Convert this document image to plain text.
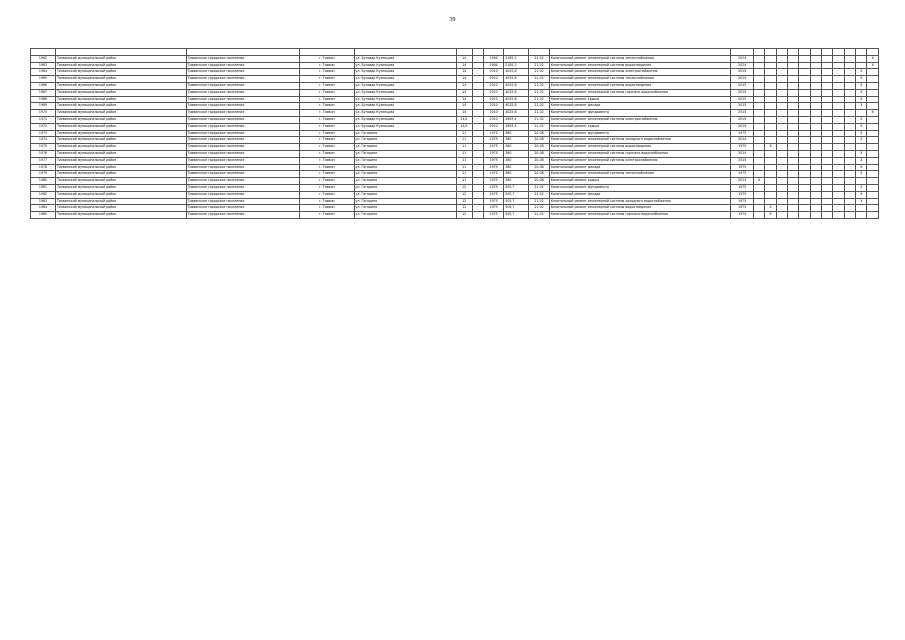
39

1962	Тихвинский муниципальный район	Тихвинское городское поселение	г. Тихвин	ул. Бульвар Кузнецова	14		1994	2185,2	21-02	Капитальный ремонт инженерной системы теплоснабжения	2024											Х
1963	Тихвинский муниципальный район	Тихвинское городское поселение	г. Тихвин	ул. Бульвар Кузнецова	14		1994	2185,2	21-02	Капитальный ремонт инженерной системы водоотведения	2024											Х
1964	Тихвинский муниципальный район	Тихвинское городское поселение	г. Тихвин	ул. Бульвар Кузнецова	14		2010	4025,8	21-02	Капитальный ремонт инженерной системы электроснабжения	2015										Х	
1965	Тихвинский муниципальный район	Тихвинское городское поселение	г. Тихвин	ул. Бульвар Кузнецова	14		2010	4025,8	21-02	Капитальный ремонт инженерной системы теплоснабжения	2015										Х	
1966	Тихвинский муниципальный район	Тихвинское городское поселение	г. Тихвин	ул. Бульвар Кузнецова	14		2010	4025,8	21-02	Капитальный ремонт инженерной системы водоотведения	2015										Х	
1967	Тихвинский муниципальный район	Тихвинское городское поселение	г. Тихвин	ул. Бульвар Кузнецова	14		2010	4025,8	21-02	Капитальный ремонт инженерной системы горячего водоснабжения	2015										Х	
1968	Тихвинский муниципальный район	Тихвинское городское поселение	г. Тихвин	ул. Бульвар Кузнецова	14		2010	4025,8	21-02	Капитальный ремонт крыши	2015										Х	
1969	Тихвинский муниципальный район	Тихвинское городское поселение	г. Тихвин	ул. Бульвар Кузнецова	14		2010	4025,8	21-02	Капитальный ремонт фасада	2015										Х	
1970	Тихвинский муниципальный район	Тихвинское городское поселение	г. Тихвин	ул. Бульвар Кузнецова	14		2010	4025,8	21-02	Капитальный ремонт фундамента	2015											Х
1971	Тихвинский муниципальный район	Тихвинское городское поселение	г. Тихвин	ул. Бульвар Кузнецова	14/1		2010	2693,4	21-02	Капитальный ремонт инженерной системы электроснабжения	2019										Х	
1972	Тихвинский муниципальный район	Тихвинское городское поселение	г. Тихвин	ул. Бульвар Кузнецова	14/1		2010	2693,4	21-02	Капитальный ремонт крыши	2019										Х	
1973	Тихвинский муниципальный район	Тихвинское городское поселение	г. Тихвин	ул. Гагарина	11		1975	380	20-08	Капитальный ремонт фундамента	1975										Х	
1974	Тихвинский муниципальный район	Тихвинское городское поселение	г. Тихвин	ул. Гагарина	11		1975	380	20-08	Капитальный ремонт инженерной системы холодного водоснабжения	2014										Х	
1975	Тихвинский муниципальный район	Тихвинское городское поселение	г. Тихвин	ул. Гагарина	11		1975	380	20-08	Капитальный ремонт инженерной системы водоотведения	1975		Х									
1976	Тихвинский муниципальный район	Тихвинское городское поселение	г. Тихвин	ул. Гагарина	11		1975	380	20-08	Капитальный ремонт инженерной системы горячего водоснабжения	2014										Х	
1977	Тихвинский муниципальный район	Тихвинское городское поселение	г. Тихвин	ул. Гагарина	11		1975	380	20-08	Капитальный ремонт инженерной системы электроснабжения	2015										Х	
1978	Тихвинский муниципальный район	Тихвинское городское поселение	г. Тихвин	ул. Гагарина	11		1975	380	20-08	Капитальный ремонт фасада	1975										Х	
1979	Тихвинский муниципальный район	Тихвинское городское поселение	г. Тихвин	ул. Гагарина	11		1975	380	20-08	Капитальный ремонт инженерной системы теплоснабжения	1975										Х	
1980	Тихвинский муниципальный район	Тихвинское городское поселение	г. Тихвин	ул. Гагарина	11		1975	380	20-08	Капитальный ремонт крыши	2014	Х										
1981	Тихвинский муниципальный район	Тихвинское городское поселение	г. Тихвин	ул. Гагарина	12		1975	505,7	21-02	Капитальный ремонт фундамента	1975										Х	
1982	Тихвинский муниципальный район	Тихвинское городское поселение	г. Тихвин	ул. Гагарина	12		1975	505,7	21-02	Капитальный ремонт фасада	1975										Х	
1983	Тихвинский муниципальный район	Тихвинское городское поселение	г. Тихвин	ул. Гагарина	12		1975	505,7	21-02	Капитальный ремонт инженерной системы холодного водоснабжения	1975										Х	
1984	Тихвинский муниципальный район	Тихвинское городское поселение	г. Тихвин	ул. Гагарина	12		1975	505,7	21-02	Капитальный ремонт инженерной системы водоотведения	1975		Х									
1985	Тихвинский муниципальный район	Тихвинское городское поселение	г. Тихвин	ул. Гагарина	12		1975	505,7	21-02	Капитальный ремонт инженерной системы горячего водоснабжения	1975		Х									
